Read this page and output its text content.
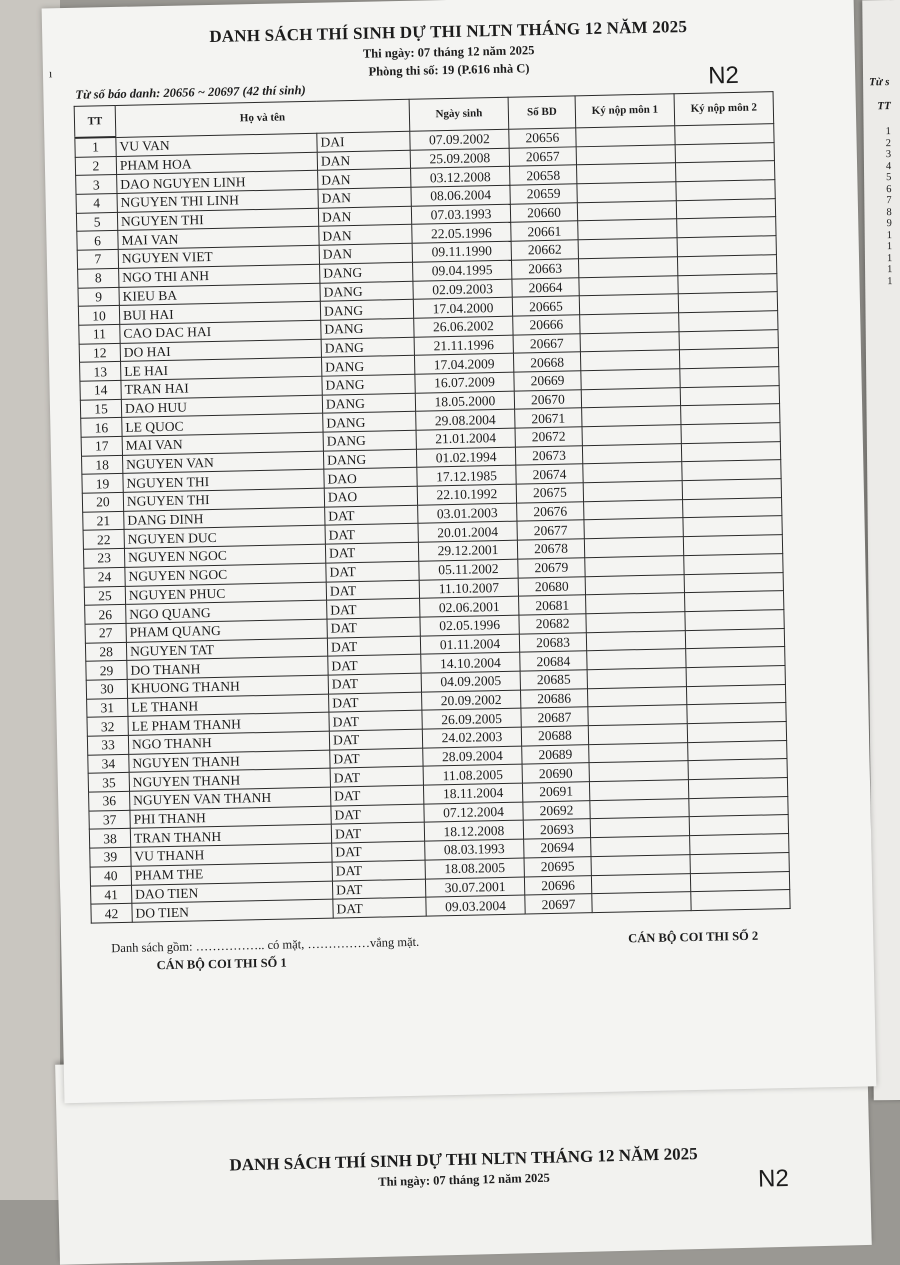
Từ s
TT
1
2
3
4
5
6
7
8
9
1
1
1
1
1
DANH SÁCH THÍ SINH DỰ THI NLTN THÁNG 12 NĂM 2025
Thi ngày: 07 tháng 12 năm 2025	N2
ı
DANH SÁCH THÍ SINH DỰ THI NLTN THÁNG 12 NĂM 2025
Thi ngày: 07 tháng 12 năm 2025
Phòng thi số: 19 (P.616 nhà C)
Từ số báo danh: 20656 ~ 20697 (42 thí sinh)
N2
TT	Họ và tên		Ngày sinh	Số BD	Ký nộp môn 1	Ký nộp môn 2
1	VU VAN	DAI	07.09.2002	20656		
2	PHAM HOA	DAN	25.09.2008	20657		
3	DAO NGUYEN LINH	DAN	03.12.2008	20658		
4	NGUYEN THI LINH	DAN	08.06.2004	20659		
5	NGUYEN THI	DAN	07.03.1993	20660		
6	MAI VAN	DAN	22.05.1996	20661		
7	NGUYEN VIET	DAN	09.11.1990	20662		
8	NGO THI ANH	DANG	09.04.1995	20663		
9	KIEU BA	DANG	02.09.2003	20664		
10	BUI HAI	DANG	17.04.2000	20665		
11	CAO DAC HAI	DANG	26.06.2002	20666		
12	DO HAI	DANG	21.11.1996	20667		
13	LE HAI	DANG	17.04.2009	20668		
14	TRAN HAI	DANG	16.07.2009	20669		
15	DAO HUU	DANG	18.05.2000	20670		
16	LE QUOC	DANG	29.08.2004	20671		
17	MAI VAN	DANG	21.01.2004	20672		
18	NGUYEN VAN	DANG	01.02.1994	20673		
19	NGUYEN THI	DAO	17.12.1985	20674		
20	NGUYEN THI	DAO	22.10.1992	20675		
21	DANG DINH	DAT	03.01.2003	20676		
22	NGUYEN DUC	DAT	20.01.2004	20677		
23	NGUYEN NGOC	DAT	29.12.2001	20678		
24	NGUYEN NGOC	DAT	05.11.2002	20679		
25	NGUYEN PHUC	DAT	11.10.2007	20680		
26	NGO QUANG	DAT	02.06.2001	20681		
27	PHAM QUANG	DAT	02.05.1996	20682		
28	NGUYEN TAT	DAT	01.11.2004	20683		
29	DO THANH	DAT	14.10.2004	20684		
30	KHUONG THANH	DAT	04.09.2005	20685		
31	LE THANH	DAT	20.09.2002	20686		
32	LE PHAM THANH	DAT	26.09.2005	20687		
33	NGO THANH	DAT	24.02.2003	20688		
34	NGUYEN THANH	DAT	28.09.2004	20689		
35	NGUYEN THANH	DAT	11.08.2005	20690		
36	NGUYEN VAN THANH	DAT	18.11.2004	20691		
37	PHI THANH	DAT	07.12.2004	20692		
38	TRAN THANH	DAT	18.12.2008	20693		
39	VU THANH	DAT	08.03.1993	20694		
40	PHAM THE	DAT	18.08.2005	20695		
41	DAO TIEN	DAT	30.07.2001	20696		
42	DO TIEN	DAT	09.03.2004	20697		
Danh sách gồm: …………….. có mặt, ……………vắng mặt.
CÁN BỘ COI THI SỐ 1
CÁN BỘ COI THI SỐ 2
